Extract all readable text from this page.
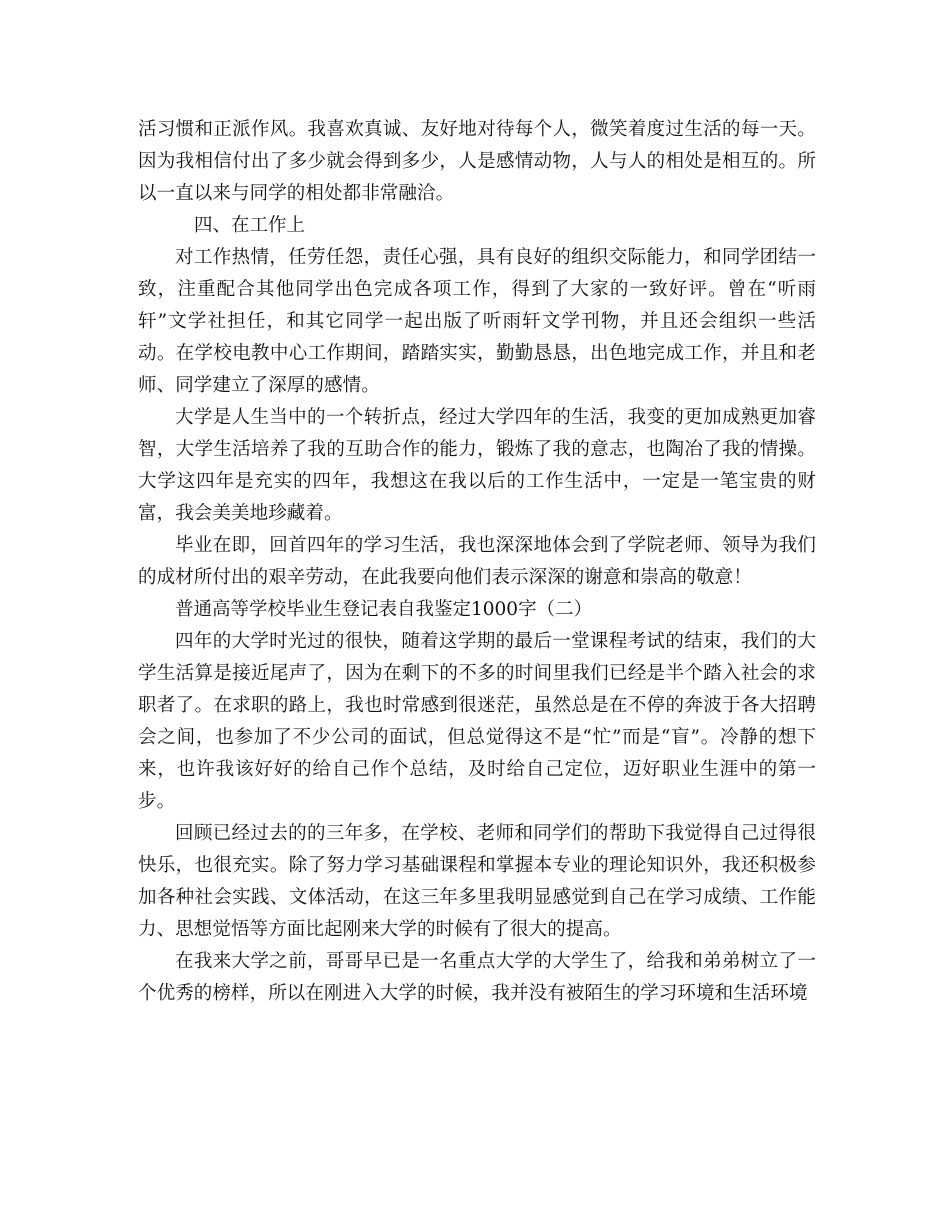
活习惯和正派作风。我喜欢真诚、友好地对待每个人，微笑着度过生活的每一天。因为我相信付出了多少就会得到多少，人是感情动物，人与人的相处是相互的。所以一直以来与同学的相处都非常融洽。

四、在工作上

对工作热情，任劳任怨，责任心强，具有良好的组织交际能力，和同学团结一致，注重配合其他同学出色完成各项工作，得到了大家的一致好评。曾在“听雨轩”文学社担任，和其它同学一起出版了听雨轩文学刊物，并且还会组织一些活动。在学校电教中心工作期间，踏踏实实，勤勤恳恳，出色地完成工作，并且和老师、同学建立了深厚的感情。

大学是人生当中的一个转折点，经过大学四年的生活，我变的更加成熟更加睿智，大学生活培养了我的互助合作的能力，锻炼了我的意志，也陶冶了我的情操。大学这四年是充实的四年，我想这在我以后的工作生活中，一定是一笔宝贵的财富，我会美美地珍藏着。

毕业在即，回首四年的学习生活，我也深深地体会到了学院老师、领导为我们的成材所付出的艰辛劳动，在此我要向他们表示深深的谢意和崇高的敬意！

普通高等学校毕业生登记表自我鉴定1000字（二）

四年的大学时光过的很快，随着这学期的最后一堂课程考试的结束，我们的大学生活算是接近尾声了，因为在剩下的不多的时间里我们已经是半个踏入社会的求职者了。在求职的路上，我也时常感到很迷茫，虽然总是在不停的奔波于各大招聘会之间，也参加了不少公司的面试，但总觉得这不是“忙”而是“盲”。冷静的想下来，也许我该好好的给自己作个总结，及时给自己定位，迈好职业生涯中的第一步。

回顾已经过去的的三年多，在学校、老师和同学们的帮助下我觉得自己过得很快乐，也很充实。除了努力学习基础课程和掌握本专业的理论知识外，我还积极参加各种社会实践、文体活动，在这三年多里我明显感觉到自己在学习成绩、工作能力、思想觉悟等方面比起刚来大学的时候有了很大的提高。

在我来大学之前，哥哥早已是一名重点大学的大学生了，给我和弟弟树立了一个优秀的榜样，所以在刚进入大学的时候，我并没有被陌生的学习环境和生活环境
